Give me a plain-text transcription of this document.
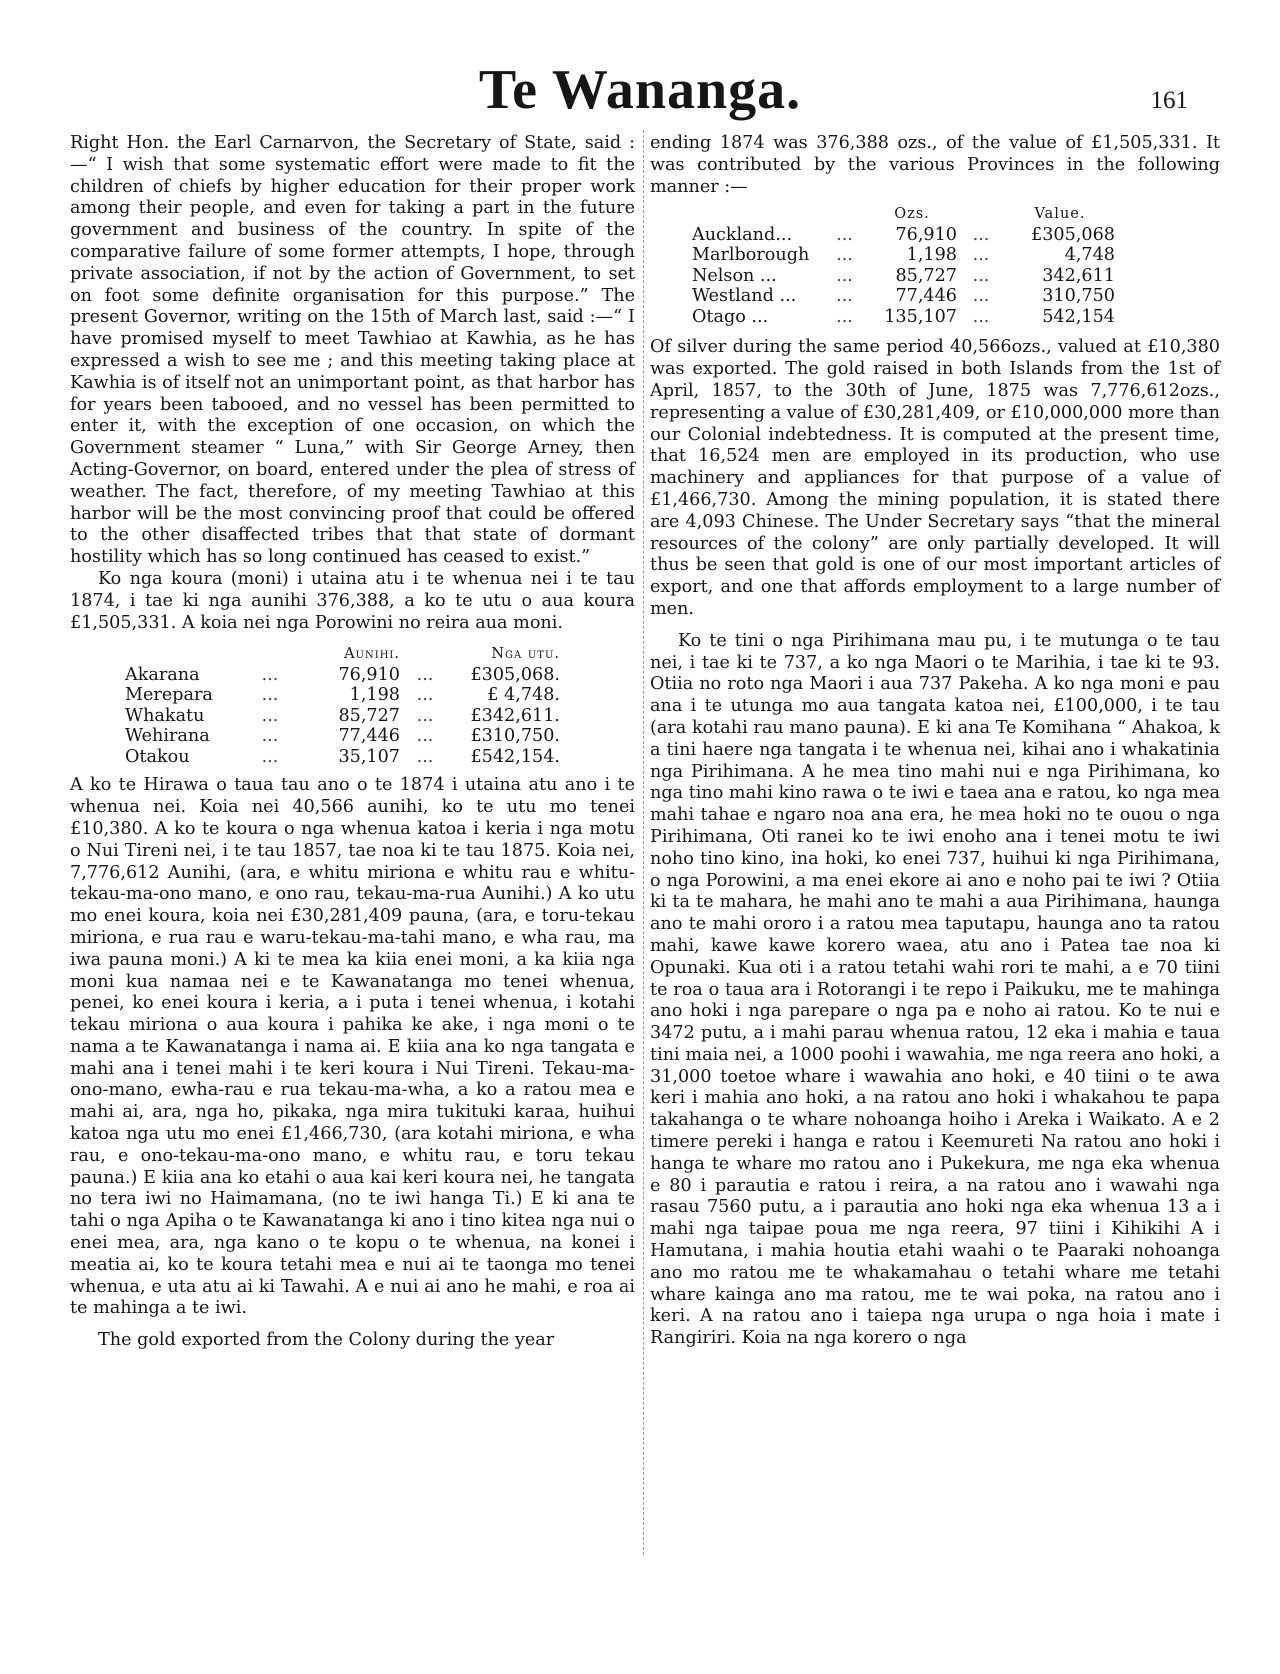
Te Wananga.	161

Right Hon. the Earl Carnarvon, the Secretary of State, said :—“ I wish that some systematic effort were made to fit the children of chiefs by higher education for their proper work among their people, and even for taking a part in the future government and business of the country. In spite of the comparative failure of some former attempts, I hope, through private association, if not by the action of Government, to set on foot some definite organisation for this purpose.” The present Governor, writing on the 15th of March last, said :—“ I have promised myself to meet Tawhiao at Kawhia, as he has expressed a wish to see me ; and this meeting taking place at Kawhia is of itself not an unimportant point, as that harbor has for years been tabooed, and no vessel has been permitted to enter it, with the exception of one occasion, on which the Government steamer “ Luna,” with Sir George Arney, then Acting-Governor, on board, entered under the plea of stress of weather. The fact, therefore, of my meeting Tawhiao at this harbor will be the most convincing proof that could be offered to the other disaffected tribes that that state of dormant hostility which has so long continued has ceased to exist.”

Ko nga koura (moni) i utaina atu i te whenua nei i te tau 1874, i tae ki nga aunihi 376,388, a ko te utu o aua koura £1,505,331. A koia nei nga Porowini no reira aua moni.

		Aunihi.		Nga utu.
Akarana	...	76,910	...	£305,068.
Merepara	...	1,198	...	£ 4,748.
Whakatu	...	85,727	...	£342,611.
Wehirana	...	77,446	...	£310,750.
Otakou	...	35,107	...	£542,154.

A ko te Hirawa o taua tau ano o te 1874 i utaina atu ano i te whenua nei. Koia nei 40,566 aunihi, ko te utu mo tenei £10,380. A ko te koura o nga whenua katoa i keria i nga motu o Nui Tireni nei, i te tau 1857, tae noa ki te tau 1875. Koia nei, 7,776,612 Aunihi, (ara, e whitu miriona e whitu rau e whitu-tekau-ma-ono mano, e ono rau, tekau-ma-rua Aunihi.) A ko utu mo enei koura, koia nei £30,281,409 pauna, (ara, e toru-tekau miriona, e rua rau e waru-tekau-ma-tahi mano, e wha rau, ma iwa pauna moni.) A ki te mea ka kiia enei moni, a ka kiia nga moni kua namaa nei e te Kawanatanga mo tenei whenua, penei, ko enei koura i keria, a i puta i tenei whenua, i kotahi tekau miriona o aua koura i pahika ke ake, i nga moni o te nama a te Kawanatanga i nama ai. E kiia ana ko nga tangata e mahi ana i tenei mahi i te keri koura i Nui Tireni. Tekau-ma-ono-mano, ewha-rau e rua tekau-ma-wha, a ko a ratou mea e mahi ai, ara, nga ho, pikaka, nga mira tukituki karaa, huihui katoa nga utu mo enei £1,466,730, (ara kotahi miriona, e wha rau, e ono-tekau-ma-ono mano, e whitu rau, e toru tekau pauna.) E kiia ana ko etahi o aua kai keri koura nei, he tangata no tera iwi no Haimamana, (no te iwi hanga Ti.) E ki ana te tahi o nga Apiha o te Kawanatanga ki ano i tino kitea nga nui o enei mea, ara, nga kano o te kopu o te whenua, na konei i meatia ai, ko te koura tetahi mea e nui ai te taonga mo tenei whenua, e uta atu ai ki Tawahi. A e nui ai ano he mahi, e roa ai te mahinga a te iwi.

The gold exported from the Colony during the year

ending 1874 was 376,388 ozs., of the value of £1,505,331. It was contributed by the various Provinces in the following manner :—

		Ozs.		Value.
Auckland...	...	76,910	...	£305,068
Marlborough	...	1,198	...	4,748
Nelson ...	...	85,727	...	342,611
Westland ...	...	77,446	...	310,750
Otago ...	...	135,107	...	542,154

Of silver during the same period 40,566ozs., valued at £10,380 was exported. The gold raised in both Islands from the 1st of April, 1857, to the 30th of June, 1875 was 7,776,612ozs., representing a value of £30,281,409, or £10,000,000 more than our Colonial indebtedness. It is computed at the present time, that 16,524 men are employed in its production, who use machinery and appliances for that purpose of a value of £1,466,730. Among the mining population, it is stated there are 4,093 Chinese. The Under Secretary says “that the mineral resources of the colony” are only partially developed. It will thus be seen that gold is one of our most important articles of export, and one that affords employment to a large number of men.

Ko te tini o nga Pirihimana mau pu, i te mutunga o te tau nei, i tae ki te 737, a ko nga Maori o te Marihia, i tae ki te 93. Otiia no roto nga Maori i aua 737 Pakeha. A ko nga moni e pau ana i te utunga mo aua tangata katoa nei, £100,000, i te tau (ara kotahi rau mano pauna). E ki ana Te Komihana “ Ahakoa, k a tini haere nga tangata i te whenua nei, kihai ano i whakatinia nga Pirihimana. A he mea tino mahi nui e nga Pirihimana, ko nga tino mahi kino rawa o te iwi e taea ana e ratou, ko nga mea mahi tahae e ngaro noa ana era, he mea hoki no te ouou o nga Pirihimana, Oti ranei ko te iwi enoho ana i tenei motu te iwi noho tino kino, ina hoki, ko enei 737, huihui ki nga Pirihimana, o nga Porowini, a ma enei ekore ai ano e noho pai te iwi ? Otiia ki ta te mahara, he mahi ano te mahi a aua Pirihimana, haunga ano te mahi ororo i a ratou mea taputapu, haunga ano ta ratou mahi, kawe kawe korero waea, atu ano i Patea tae noa ki Opunaki. Kua oti i a ratou tetahi wahi rori te mahi, a e 70 tiini te roa o taua ara i Rotorangi i te repo i Paikuku, me te mahinga ano hoki i nga parepare o nga pa e noho ai ratou. Ko te nui e 3472 putu, a i mahi parau whenua ratou, 12 eka i mahia e taua tini maia nei, a 1000 poohi i wawahia, me nga reera ano hoki, a 31,000 toetoe whare i wawahia ano hoki, e 40 tiini o te awa keri i mahia ano hoki, a na ratou ano hoki i whakahou te papa takahanga o te whare nohoanga hoiho i Areka i Waikato. A e 2 timere pereki i hanga e ratou i Keemureti Na ratou ano hoki i hanga te whare mo ratou ano i Pukekura, me nga eka whenua e 80 i parautia e ratou i reira, a na ratou ano i wawahi nga rasau 7560 putu, a i parautia ano hoki nga eka whenua 13 a i mahi nga taipae poua me nga reera, 97 tiini i Kihikihi A i Hamutana, i mahia houtia etahi waahi o te Paaraki nohoanga ano mo ratou me te whakamahau o tetahi whare me tetahi whare kainga ano ma ratou, me te wai poka, na ratou ano i keri. A na ratou ano i taiepa nga urupa o nga hoia i mate i Rangiriri. Koia na nga korero o nga
